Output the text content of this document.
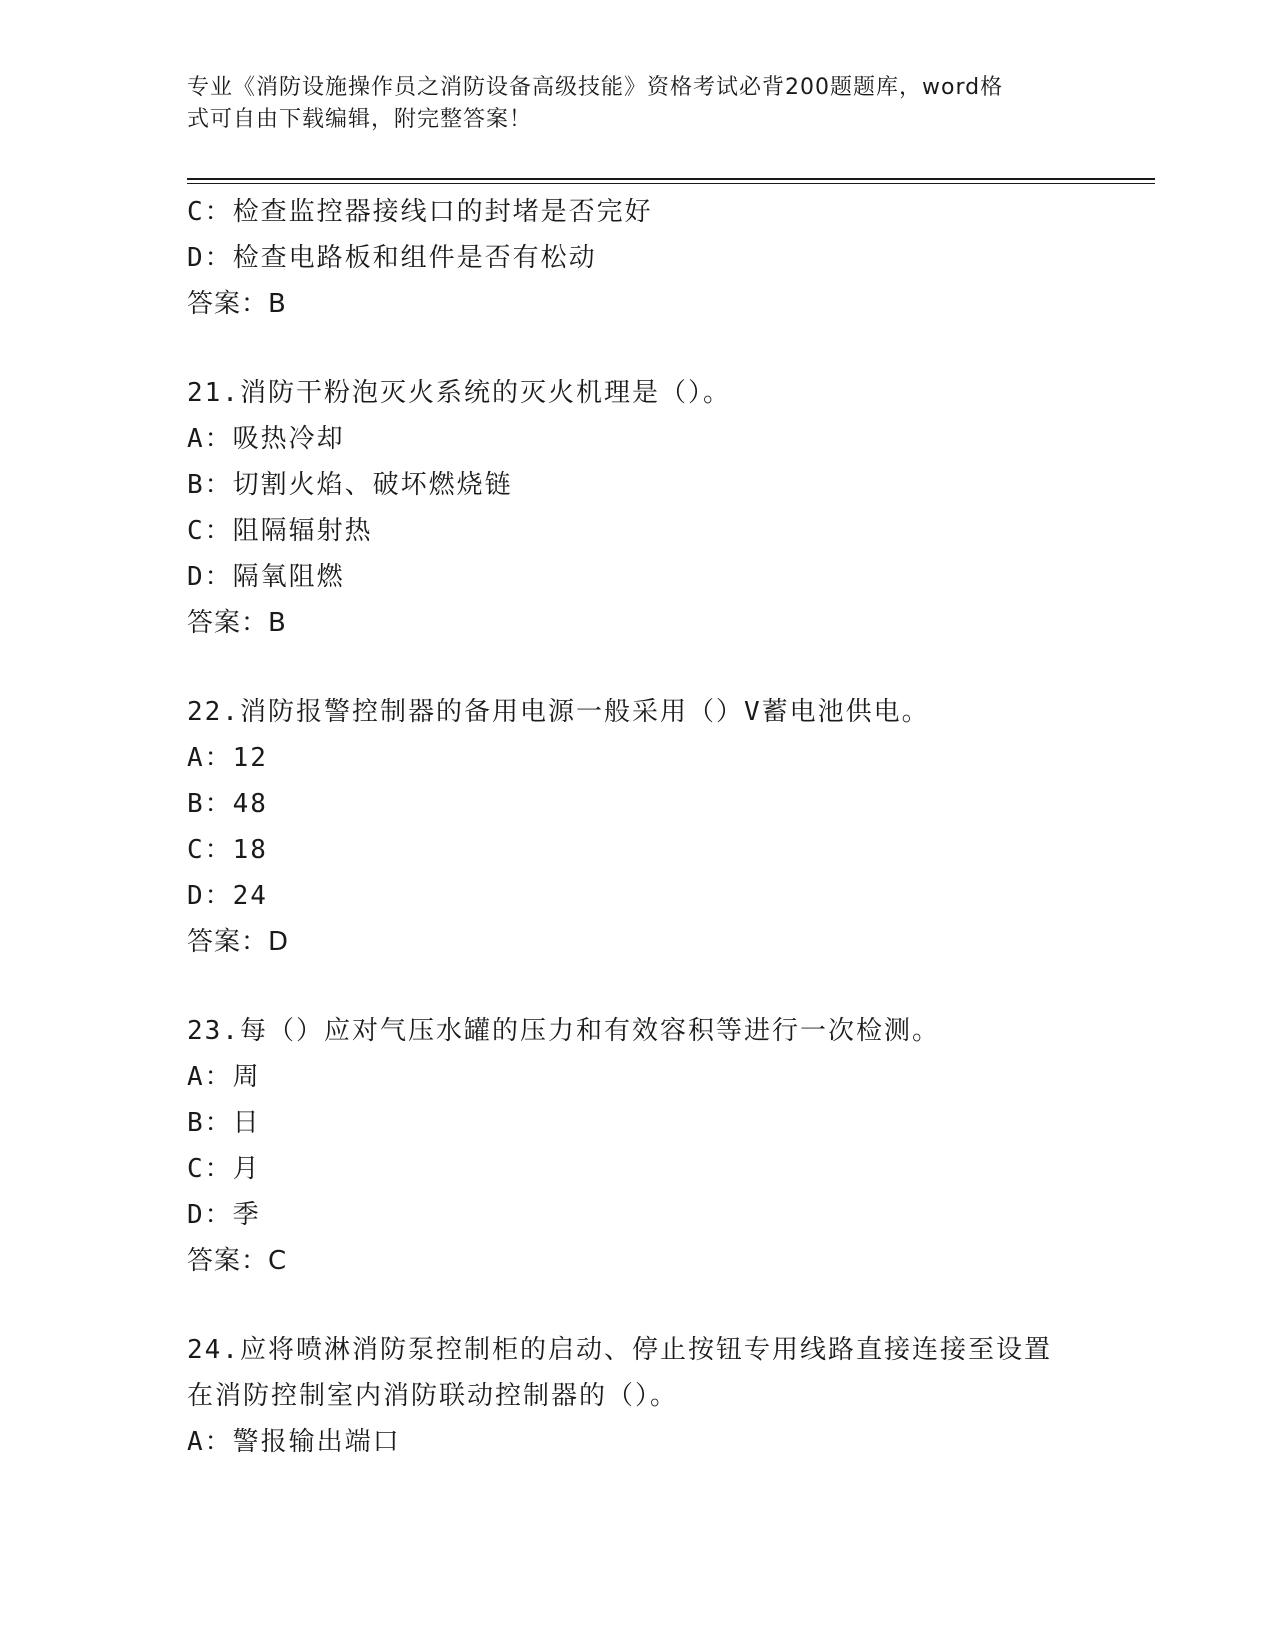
专业《消防设施操作员之消防设备高级技能》资格考试必背200题题库，word格
式可自由下载编辑，附完整答案！
C：检查监控器接线口的封堵是否完好
D：检查电路板和组件是否有松动
答案：B
21.消防干粉泡灭火系统的灭火机理是（）。
A：吸热冷却
B：切割火焰、破坏燃烧链
C：阻隔辐射热
D：隔氧阻燃
答案：B
22.消防报警控制器的备用电源一般采用（）V蓄电池供电。
A：12
B：48
C：18
D：24
答案：D
23.每（）应对气压水罐的压力和有效容积等进行一次检测。
A：周
B：日
C：月
D：季
答案：C
24.应将喷淋消防泵控制柜的启动、停止按钮专用线路直接连接至设置
在消防控制室内消防联动控制器的（）。
A：警报输出端口
